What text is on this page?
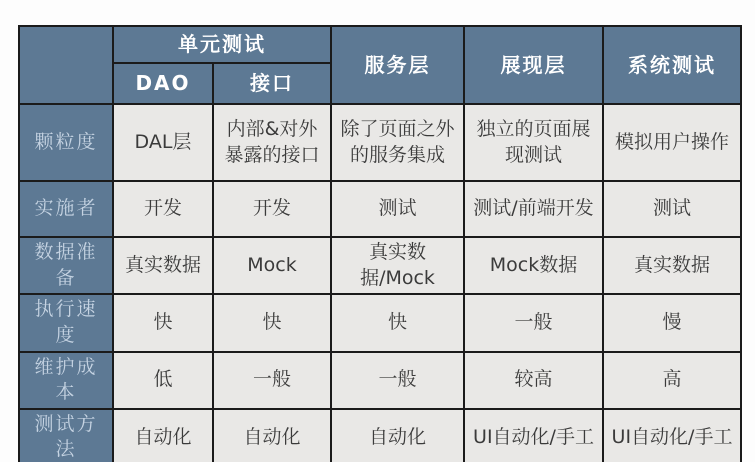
	单元测试		服务层	展现层	系统测试
	DAO	接口			
颗粒度	DAL层	内部&对外暴露的接口	除了页面之外的服务集成	独立的页面展现测试	模拟用户操作
实施者	开发	开发	测试	测试/前端开发	测试
数据准备	真实数据	Mock	真实数据/Mock	Mock数据	真实数据
执行速度	快	快	快	一般	慢
维护成本	低	一般	一般	较高	高
测试方法	自动化	自动化	自动化	UI自动化/手工	UI自动化/手工
